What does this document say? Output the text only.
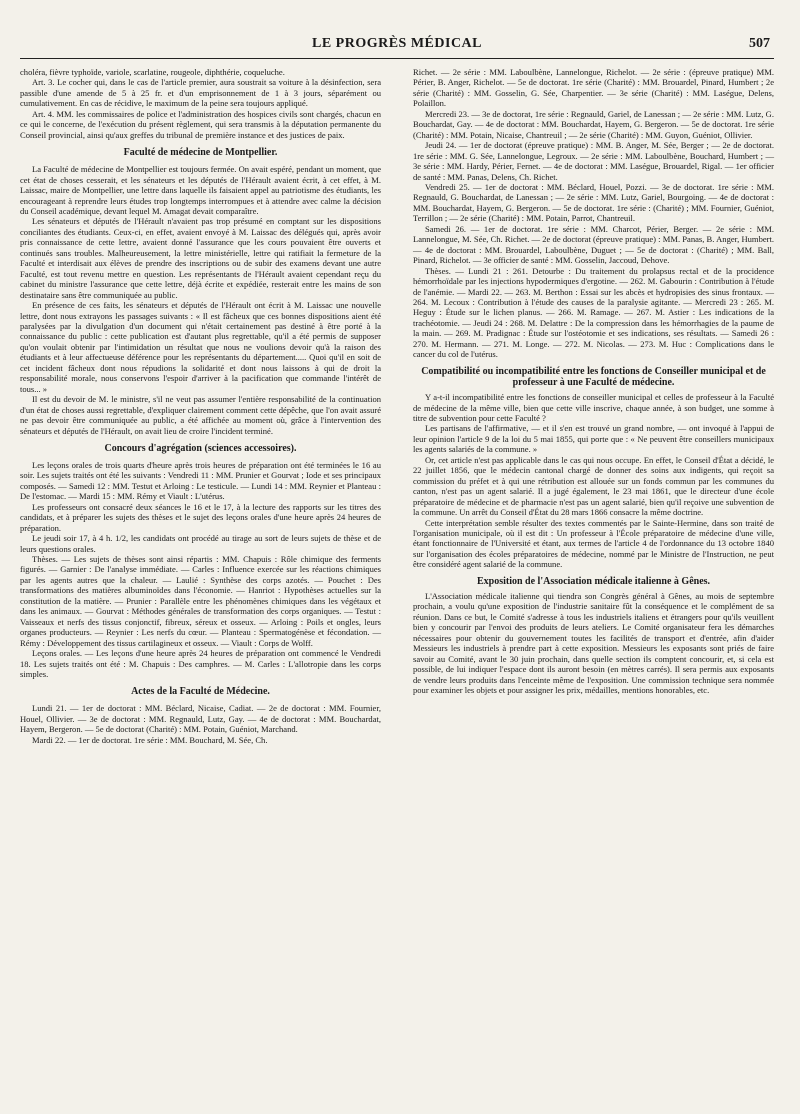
LE PROGRÈS MÉDICAL	507

choléra, fièvre typhoïde, variole, scarlatine, rougeole, diphthérie, coqueluche.

Art. 3. Le cocher qui, dans le cas de l'article premier, aura soustrait sa voiture à la désinfection, sera passible d'une amende de 5 à 25 fr. et d'un emprisonnement de 1 à 3 jours, séparément ou cumulativement. En cas de récidive, le maximum de la peine sera toujours appliqué.

Art. 4. MM. les commissaires de police et l'administration des hospices civils sont chargés, chacun en ce qui le concerne, de l'exécution du présent règlement, qui sera transmis à la députation permanente du Conseil provincial, ainsi qu'aux greffes du tribunal de première instance et des justices de paix.

Faculté de médecine de Montpellier.

La Faculté de médecine de Montpellier est toujours fermée. On avait espéré, pendant un moment, que cet état de choses cesserait, et les sénateurs et les députés de l'Hérault avaient écrit, à cet effet, à M. Laissac, maire de Montpellier, une lettre dans laquelle ils faisaient appel au patriotisme des étudiants, les encourageant à reprendre leurs études trop longtemps interrompues et à attendre avec calme la décision du Conseil académique, devant lequel M. Amagat devait comparaître.

Les sénateurs et députés de l'Hérault n'avaient pas trop présumé en comptant sur les dispositions conciliantes des étudiants. Ceux-ci, en effet, avaient envoyé à M. Laissac des délégués qui, après avoir pris connaissance de cette lettre, avaient donné l'assurance que les cours pouvaient être ouverts et continués sans troubles. Malheureusement, la lettre ministérielle, lettre qui ratifiait la fermeture de la Faculté et interdisait aux élèves de prendre des inscriptions ou de subir des examens devant une autre Faculté, est tout revenu mettre en question. Les représentants de l'Hérault avaient cependant reçu du cabinet du ministre l'assurance que cette lettre, déjà écrite et expédiée, resterait entre les mains de son destinataire sans être communiquée au public.

En présence de ces faits, les sénateurs et députés de l'Hérault ont écrit à M. Laissac une nouvelle lettre, dont nous extrayons les passages suivants : « Il est fâcheux que ces bonnes dispositions aient été paralysées par la divulgation d'un document qui n'était certainement pas destiné à être porté à la connaissance du public : cette publication est d'autant plus regrettable, qu'il a été permis de supposer qu'on voulait obtenir par l'intimidation un résultat que nous ne voulions devoir qu'à la raison des étudiants et à leur affectueuse déférence pour les représentants du département..... Quoi qu'il en soit de cet incident fâcheux dont nous répudions la solidarité et dont nous laissons à qui de droit la responsabilité morale, nous conservons l'espoir d'arriver à la pacification que commande l'intérêt de tous... »

Il est du devoir de M. le ministre, s'il ne veut pas assumer l'entière responsabilité de la continuation d'un état de choses aussi regrettable, d'expliquer clairement comment cette dépêche, que l'on avait assuré ne pas devoir être communiquée au public, a été affichée au moment où, grâce à l'intervention des sénateurs et députés de l'Hérault, on avait lieu de croire l'incident terminé.

Concours d'agrégation (sciences accessoires).

Les leçons orales de trois quarts d'heure après trois heures de préparation ont été terminées le 16 au soir. Les sujets traités ont été les suivants : Vendredi 11 : MM. Prunier et Gourvat ; Iode et ses principaux composés. — Samedi 12 : MM. Testut et Arloing : Le testicule. — Lundi 14 : MM. Reynier et Planteau : De l'estomac. — Mardi 15 : MM. Rémy et Viault : L'utérus.

Les professeurs ont consacré deux séances le 16 et le 17, à la lecture des rapports sur les titres des candidats, et à préparer les sujets des thèses et le sujet des leçons orales d'une heure après 24 heures de préparation.

Le jeudi soir 17, à 4 h. 1/2, les candidats ont procédé au tirage au sort de leurs sujets de thèse et de leurs questions orales.

Thèses. — Les sujets de thèses sont ainsi répartis : MM. Chapuis : Rôle chimique des ferments figurés. — Garnier : De l'analyse immédiate. — Carles : Influence exercée sur les réactions chimiques par les agents autres que la chaleur. — Laulié : Synthèse des corps azotés. — Pouchet : Des transformations des matières albuminoïdes dans l'économie. — Hanriot : Hypothèses actuelles sur la constitution de la matière. — Prunier : Parallèle entre les phénomènes chimiques dans les végétaux et dans les animaux. — Gourvat : Méthodes générales de transformation des corps organiques. — Testut : Vaisseaux et nerfs des tissus conjonctif, fibreux, séreux et osseux. — Arloing : Poils et ongles, leurs organes producteurs. — Reynier : Les nerfs du cœur. — Planteau : Spermatogénèse et fécondation. — Rémy : Développement des tissus cartilagineux et osseux. — Viault : Corps de Wolff.

Leçons orales. — Les leçons d'une heure après 24 heures de préparation ont commencé le Vendredi 18. Les sujets traités ont été : M. Chapuis : Des camphres. — M. Carles : L'allotropie dans les corps simples.

Actes de la Faculté de Médecine.

Lundi 21. — 1er de doctorat : MM. Béclard, Nicaise, Cadiat. — 2e de doctorat : MM. Fournier, Houel, Ollivier. — 3e de doctorat : MM. Regnauld, Lutz, Gay. — 4e de doctorat : MM. Bouchardat, Hayem, Bergeron. — 5e de doctorat (Charité) : MM. Potain, Guéniot, Marchand.

Mardi 22. — 1er de doctorat. 1re série : MM. Bouchard, M. Sée, Ch.

Richet. — 2e série : MM. Laboulbène, Lannelongue, Richelot. — 2e série : (épreuve pratique) MM. Périer, B. Anger, Richelot. — 5e de doctorat. 1re série (Charité) : MM. Brouardel, Pinard, Humbert ; 2e série (Charité) : MM. Gosselin, G. Sée, Charpentier. — 3e série (Charité) : MM. Laségue, Delens, Polaillon.

Mercredi 23. — 3e de doctorat, 1re série : Regnauld, Gariel, de Lanessan ; — 2e série : MM. Lutz, G. Bouchardat, Gay. — 4e de doctorat : MM. Bouchardat, Hayem, G. Bergeron. — 5e de doctorat. 1re série (Charité) : MM. Potain, Nicaise, Chantreuil ; — 2e série (Charité) : MM. Guyon, Guéniot, Ollivier.

Jeudi 24. — 1er de doctorat (épreuve pratique) : MM. B. Anger, M. Sée, Berger ; — 2e de doctorat. 1re série : MM. G. Sée, Lannelongue, Legroux. — 2e série : MM. Laboulbène, Bouchard, Humbert ; — 3e série : MM. Hardy, Périer, Fernet. — 4e de doctorat : MM. Laségue, Brouardel, Rigal. — 1er officier de santé : MM. Panas, Delens, Ch. Richet.

Vendredi 25. — 1er de doctorat : MM. Béclard, Houel, Pozzi. — 3e de doctorat. 1re série : MM. Regnauld, G. Bouchardat, de Lanessan ; — 2e série : MM. Lutz, Gariel, Bourgoing. — 4e de doctorat : MM. Bouchardat, Hayem, G. Bergeron. — 5e de doctorat. 1re série : (Charité) ; MM. Fournier, Guéniot, Terrillon ; — 2e série (Charité) : MM. Potain, Parrot, Chantreuil.

Samedi 26. — 1er de doctorat. 1re série : MM. Charcot, Périer, Berger. — 2e série : MM. Lannelongue, M. Sée, Ch. Richet. — 2e de doctorat (épreuve pratique) : MM. Panas, B. Anger, Humbert. — 4e de doctorat : MM. Brouardel, Laboulbène, Duguet ; — 5e de doctorat : (Charité) ; MM. Ball, Pinard, Richelot. — 3e officier de santé : MM. Gosselin, Jaccoud, Dehove.

Thèses. — Lundi 21 : 261. Detourbe : Du traitement du prolapsus rectal et de la procidence hémorrhoïdale par les injections hypodermiques d'ergotine. — 262. M. Gabourin : Contribution à l'étude de l'anémie. — Mardi 22. — 263. M. Berthon : Essai sur les abcès et hydropisies des sinus frontaux. — 264. M. Lecoux : Contribution à l'étude des causes de la paralysie agitante. — Mercredi 23 : 265. M. Heguy : Étude sur le lichen planus. — 266. M. Ramage. — 267. M. Astier : Les indications de la trachéotomie. — Jeudi 24 : 268. M. Delattre : De la compression dans les hémorrhagies de la paume de la main. — 269. M. Pradignac : Étude sur l'ostéotomie et ses indications, ses résultats. — Samedi 26 : 270. M. Hermann. — 271. M. Longe. — 272. M. Nicolas. — 273. M. Huc : Complications dans le cancer du col de l'utérus.

Compatibilité ou incompatibilité entre les fonctions de Conseiller municipal et de professeur à une Faculté de médecine.

Y a-t-il incompatibilité entre les fonctions de conseiller municipal et celles de professeur à la Faculté de médecine de la même ville, bien que cette ville inscrive, chaque année, à son budget, une somme à titre de subvention pour cette Faculté ?

Les partisans de l'affirmative, — et il s'en est trouvé un grand nombre, — ont invoqué à l'appui de leur opinion l'article 9 de la loi du 5 mai 1855, qui porte que : « Ne peuvent être conseillers municipaux les agents salariés de la commune. »

Or, cet article n'est pas applicable dans le cas qui nous occupe. En effet, le Conseil d'État a décidé, le 22 juillet 1856, que le médecin cantonal chargé de donner des soins aux indigents, qui reçoit sa commission du préfet et à qui une rétribution est allouée sur un fonds commun par les communes du canton, n'est pas un agent salarié. Il a jugé également, le 23 mai 1861, que le directeur d'une école préparatoire de médecine et de pharmacie n'est pas un agent salarié, bien qu'il reçoive une subvention de la commune. Un arrêt du Conseil d'État du 28 mars 1866 consacre la même doctrine.

Cette interprétation semble résulter des textes commentés par le Sainte-Hermine, dans son traité de l'organisation municipale, où il est dit : Un professeur à l'École préparatoire de médecine d'une ville, étant fonctionnaire de l'Université et étant, aux termes de l'article 4 de l'ordonnance du 13 octobre 1840 sur l'organisation des écoles préparatoires de médecine, nommé par le Ministre de l'Instruction, ne peut être considéré agent salarié de la commune.

Exposition de l'Association médicale italienne à Gênes.

L'Association médicale italienne qui tiendra son Congrès général à Gênes, au mois de septembre prochain, a voulu qu'une exposition de l'industrie sanitaire fût la conséquence et le complément de sa réunion. Dans ce but, le Comité s'adresse à tous les industriels italiens et étrangers pour qu'ils veuillent bien y concourir par l'envoi des produits de leurs ateliers. Le Comité organisateur fera les démarches nécessaires pour obtenir du gouvernement toutes les facilités de transport et d'entrée, afin d'aider Messieurs les industriels à prendre part à cette exposition. Messieurs les exposants sont priés de faire savoir au Comité, avant le 30 juin prochain, dans quelle section ils comptent concourir, et, si cela est possible, de lui indiquer l'espace dont ils auront besoin (en mètres carrés). Il sera permis aux exposants de vendre leurs produits dans l'enceinte même de l'exposition. Une commission technique sera nommée pour examiner les objets et pour assigner les prix, médailles, mentions honorables, etc.
